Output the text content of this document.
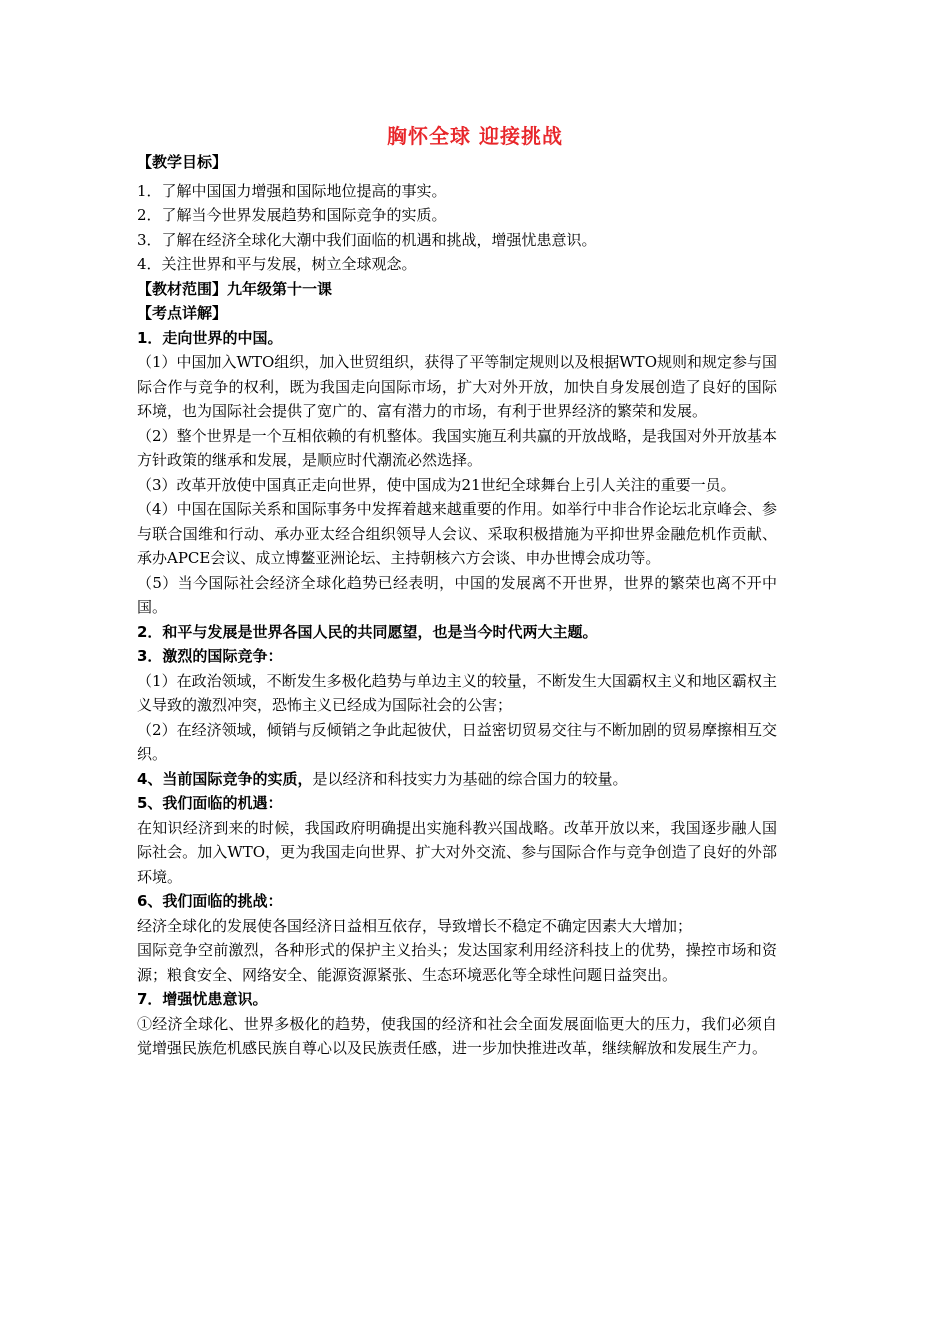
胸怀全球 迎接挑战

【教学目标】

1．了解中国国力增强和国际地位提高的事实。

2．了解当今世界发展趋势和国际竞争的实质。

3．了解在经济全球化大潮中我们面临的机遇和挑战，增强忧患意识。

4．关注世界和平与发展，树立全球观念。

【教材范围】九年级第十一课

【考点详解】

1．走向世界的中国。

（1）中国加入WTO组织，加入世贸组织，获得了平等制定规则以及根据WTO规则和规定参与国际合作与竞争的权利，既为我国走向国际市场，扩大对外开放，加快自身发展创造了良好的国际环境，也为国际社会提供了宽广的、富有潜力的市场，有利于世界经济的繁荣和发展。

（2）整个世界是一个互相依赖的有机整体。我国实施互利共赢的开放战略，是我国对外开放基本方针政策的继承和发展，是顺应时代潮流必然选择。

（3）改革开放使中国真正走向世界，使中国成为21世纪全球舞台上引人关注的重要一员。

（4）中国在国际关系和国际事务中发挥着越来越重要的作用。如举行中非合作论坛北京峰会、参与联合国维和行动、承办亚太经合组织领导人会议、采取积极措施为平抑世界金融危机作贡献、承办APCE会议、成立博鳌亚洲论坛、主持朝核六方会谈、申办世博会成功等。

（5）当今国际社会经济全球化趋势已经表明，中国的发展离不开世界，世界的繁荣也离不开中国。

2．和平与发展是世界各国人民的共同愿望，也是当今时代两大主题。

3．激烈的国际竞争：

（1）在政治领域，不断发生多极化趋势与单边主义的较量，不断发生大国霸权主义和地区霸权主义导致的激烈冲突，恐怖主义已经成为国际社会的公害；

（2）在经济领域，倾销与反倾销之争此起彼伏，日益密切贸易交往与不断加剧的贸易摩擦相互交织。

4、当前国际竞争的实质，是以经济和科技实力为基础的综合国力的较量。

5、我们面临的机遇：

在知识经济到来的时候，我国政府明确提出实施科教兴国战略。改革开放以来，我国逐步融人国际社会。加入WTO，更为我国走向世界、扩大对外交流、参与国际合作与竞争创造了良好的外部环境。

6、我们面临的挑战：

经济全球化的发展使各国经济日益相互依存，导致增长不稳定不确定因素大大增加；

国际竞争空前激烈，各种形式的保护主义抬头；发达国家利用经济科技上的优势，操控市场和资源；粮食安全、网络安全、能源资源紧张、生态环境恶化等全球性问题日益突出。

7．增强忧患意识。

①经济全球化、世界多极化的趋势，使我国的经济和社会全面发展面临更大的压力，我们必须自觉增强民族危机感民族自尊心以及民族责任感，进一步加快推进改革，继续解放和发展生产力。
